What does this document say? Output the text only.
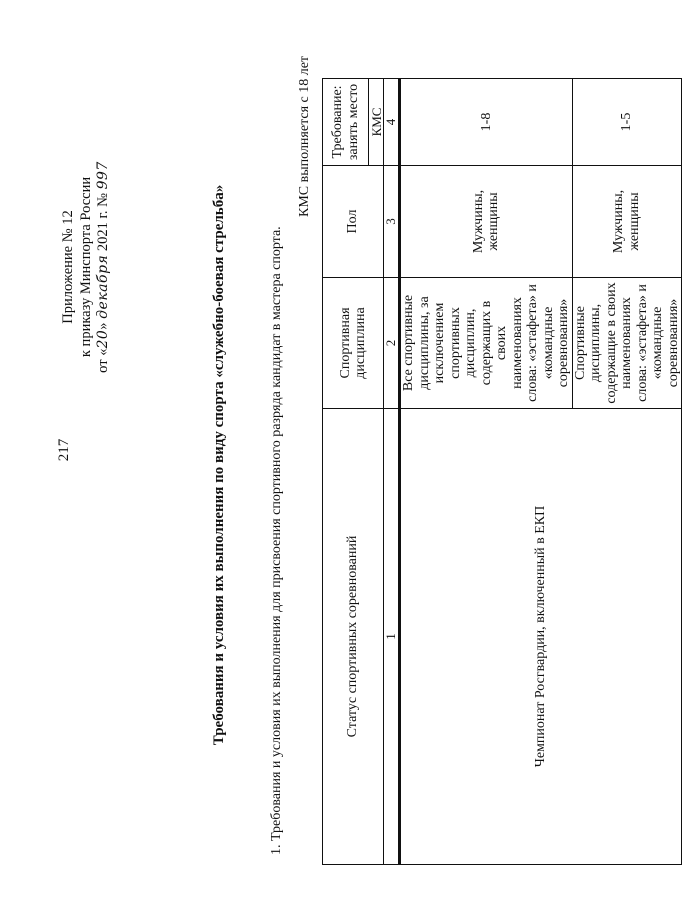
217
Приложение № 12 к приказу Минспорта России
от «20» декабря 2021 г. № 997
Требования и условия их выполнения по виду спорта «служебно-боевая стрельба»	1. Требования и условия их выполнения для присвоения спортивного разряда кандидат в мастера спорта.
КМС выполняется с 18 лет
Статус спортивных соревнований	Спортивная дисциплина	Пол	Требование: занять место
			КМС
1	2	3	4
Чемпионат Росгвардии, включенный в ЕКП	Все спортивные дисциплины, за исключением спортивных дисциплин, содержащих в своих наименованиях слова: «эстафета» и «командные соревнования»	Мужчины, женщины	1-8
	Спортивные дисциплины, содержащие в своих наименованиях слова: «эстафета» и «командные соревнования»	Мужчины, женщины	1-5
